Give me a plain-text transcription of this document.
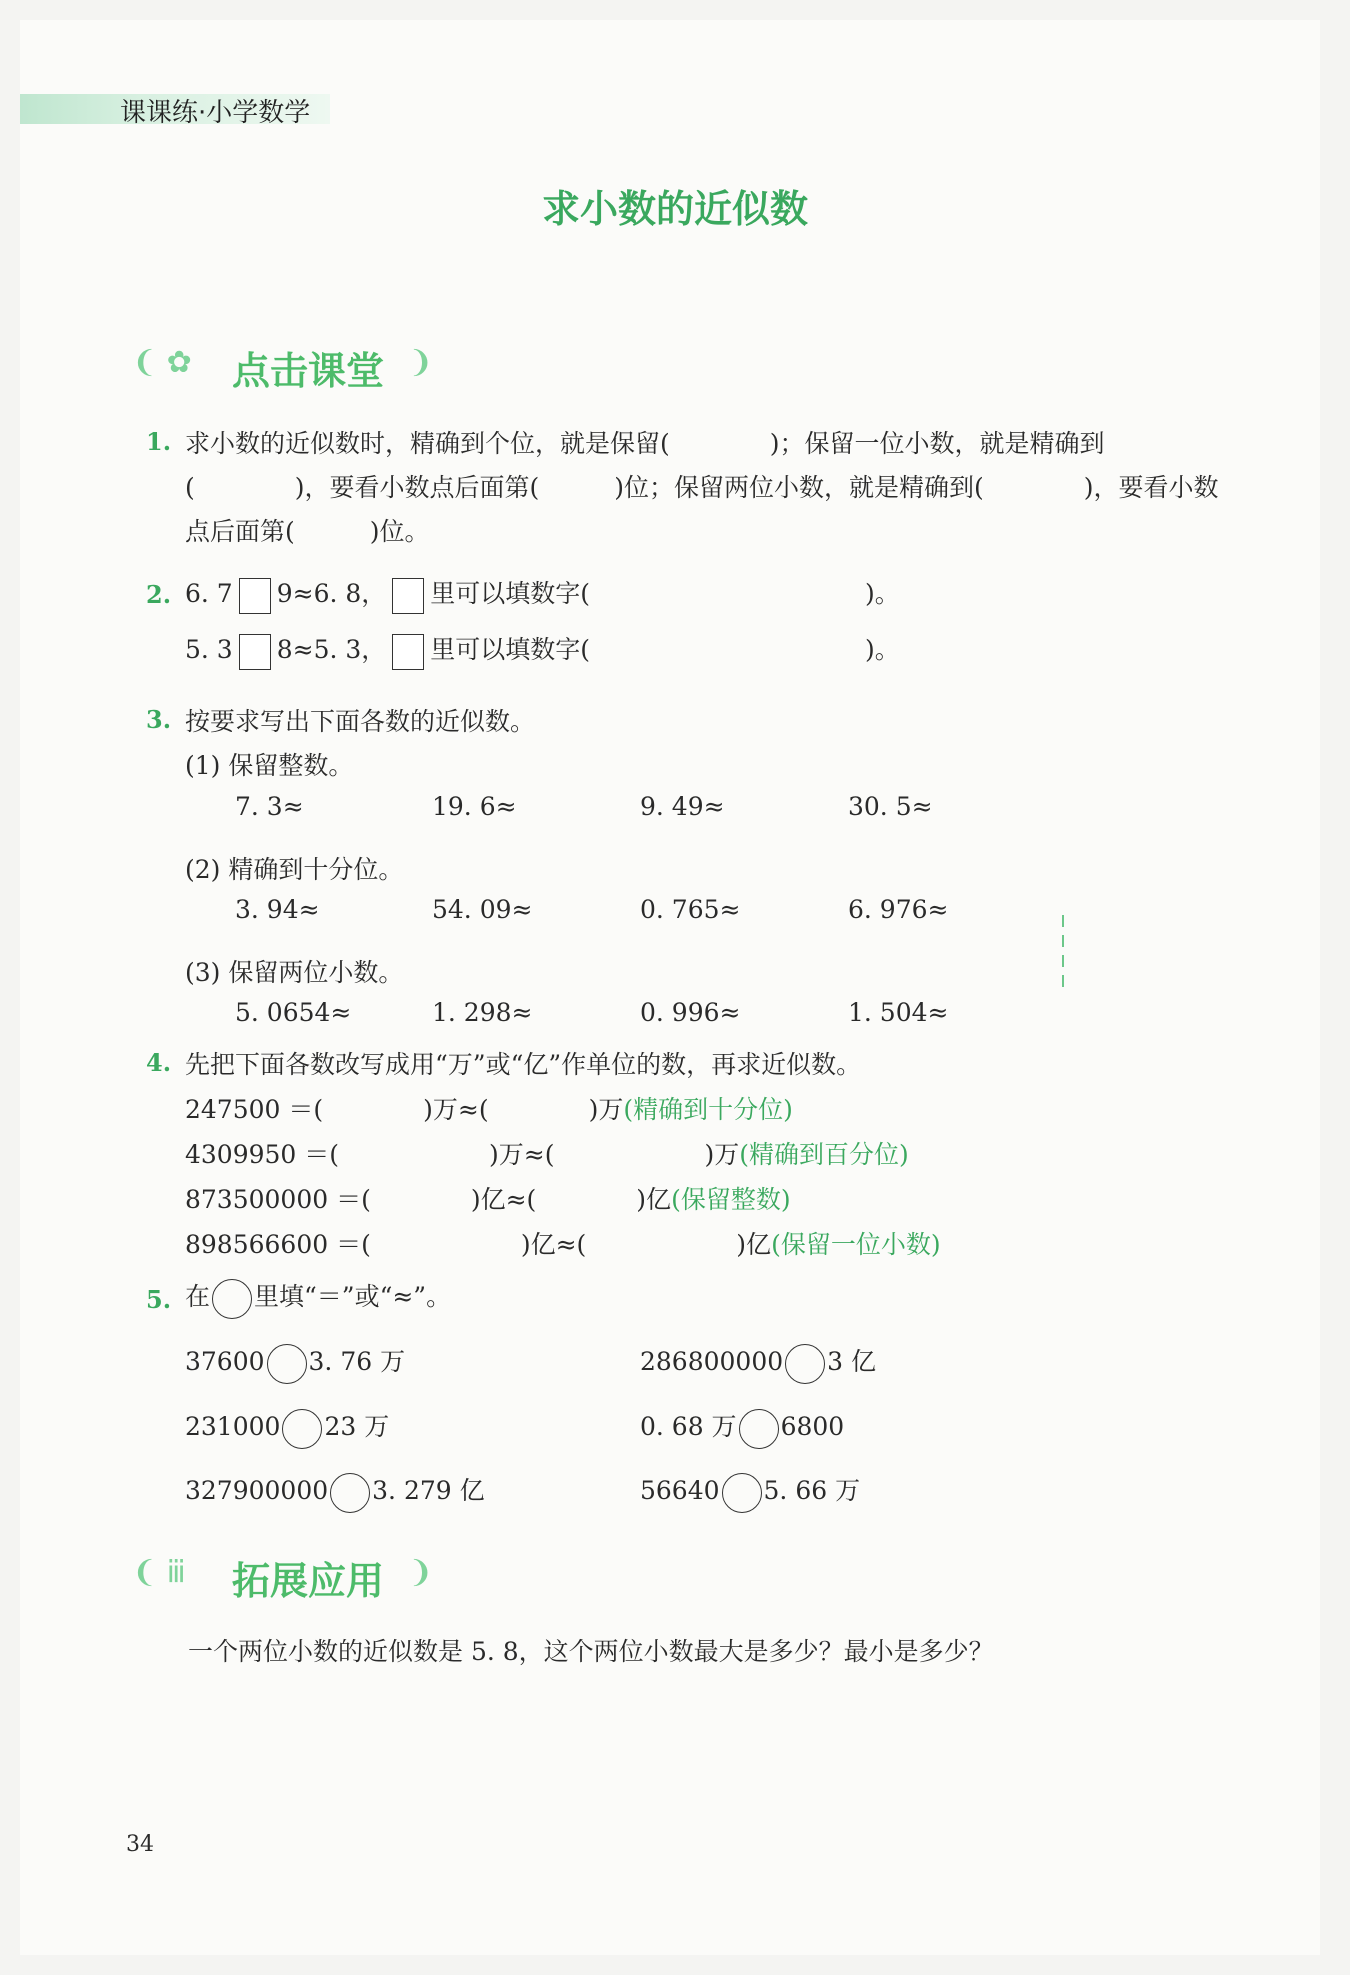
课课练·小学数学
求小数的近似数
❨ ✿ 点击课堂 ❩
1. 求小数的近似数时，精确到个位，就是保留(　　　　)；保留一位小数，就是精确到
(　　　　)，要看小数点后面第(　　　)位；保留两位小数，就是精确到(　　　　)，要看小数
点后面第(　　　)位。
2. 6. 7 9≈6. 8， 里可以填数字(　　　　　　　　　　　)。
5. 3 8≈5. 3， 里可以填数字(　　　　　　　　　　　)。
3. 按要求写出下面各数的近似数。
(1) 保留整数。
7. 3≈	19. 6≈	9. 49≈	30. 5≈
(2) 精确到十分位。
3. 94≈	54. 09≈	0. 765≈	6. 976≈
(3) 保留两位小数。
5. 0654≈	1. 298≈	0. 996≈	1. 504≈
4. 先把下面各数改写成用“万”或“亿”作单位的数，再求近似数。
247500 ＝(　　　　)万≈(　　　　)万(精确到十分位)
4309950 ＝(　　　　　　)万≈(　　　　　　)万(精确到百分位)
873500000 ＝(　　　　)亿≈(　　　　)亿(保留整数)
898566600 ＝(　　　　　　)亿≈(　　　　　　)亿(保留一位小数)
5. 在 里填“＝”或“≈”。
37600 3. 76 万	286800000 3 亿
231000 23 万	0. 68 万 6800
327900000 3. 279 亿	56640 5. 66 万
❨ ⅲ 拓展应用 ❩
一个两位小数的近似数是 5. 8，这个两位小数最大是多少？最小是多少？
34
